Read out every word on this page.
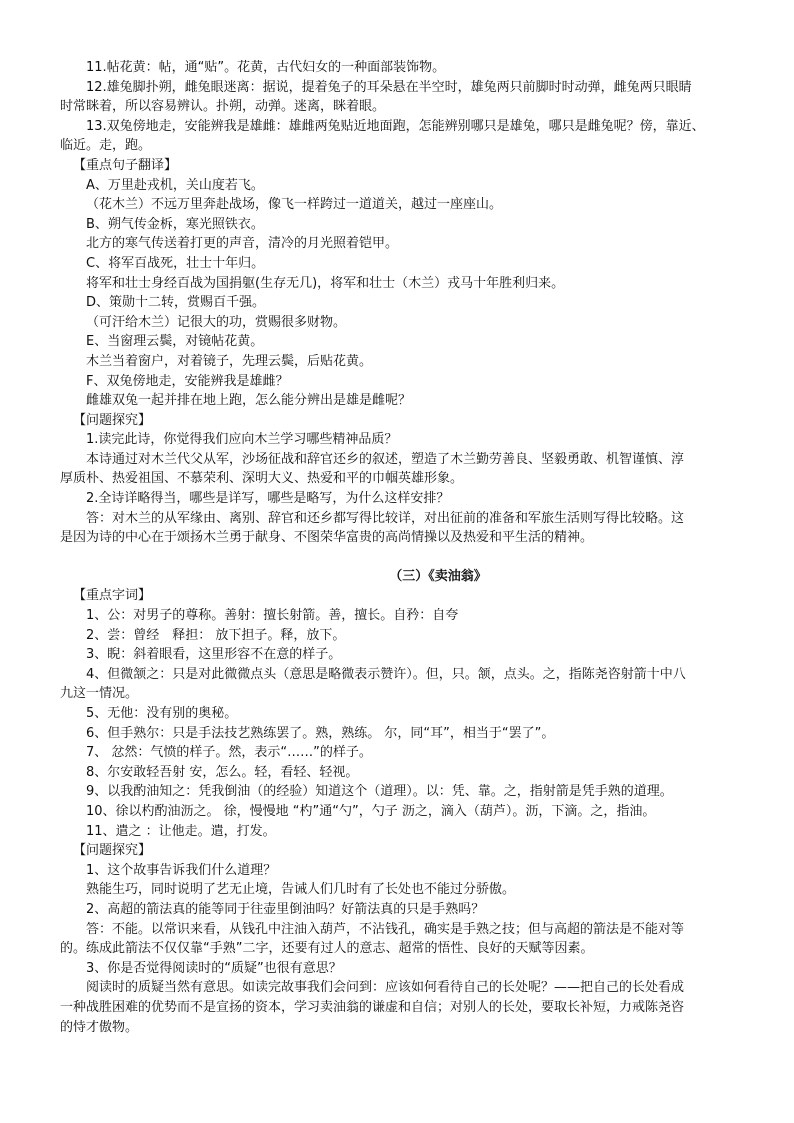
11.帖花黄：帖，通“贴”。花黄，古代妇女的一种面部装饰物。

12.雄兔脚扑朔，雌兔眼迷离：据说，提着兔子的耳朵悬在半空时，雄兔两只前脚时时动弹，雌兔两只眼睛

时常眯着，所以容易辨认。扑朔，动弹。迷离，眯着眼。

13.双兔傍地走，安能辨我是雄雌：雄雌两兔贴近地面跑，怎能辨别哪只是雄兔，哪只是雌兔呢？傍，靠近、

临近。走，跑。

【重点句子翻译】

A、万里赴戎机，关山度若飞。

（花木兰）不远万里奔赴战场，像飞一样跨过一道道关，越过一座座山。

B、朔气传金柝，寒光照铁衣。

北方的寒气传送着打更的声音，清冷的月光照着铠甲。

C、将军百战死，壮士十年归。

将军和壮士身经百战为国捐躯(生存无几)，将军和壮士（木兰）戎马十年胜利归来。

D、策勋十二转，赏赐百千强。

（可汗给木兰）记很大的功，赏赐很多财物。

E、当窗理云鬓，对镜帖花黄。

木兰当着窗户，对着镜子，先理云鬓，后贴花黄。

F、双兔傍地走，安能辨我是雄雌？

雌雄双兔一起并排在地上跑，怎么能分辨出是雄是雌呢？

【问题探究】

1.读完此诗，你觉得我们应向木兰学习哪些精神品质？

本诗通过对木兰代父从军，沙场征战和辞官还乡的叙述，塑造了木兰勤劳善良、坚毅勇敢、机智谨慎、淳

厚质朴、热爱祖国、不慕荣利、深明大义、热爱和平的巾帼英雄形象。

2.全诗详略得当，哪些是详写，哪些是略写，为什么这样安排？

答：对木兰的从军缘由、离别、辞官和还乡都写得比较详，对出征前的准备和军旅生活则写得比较略。这

是因为诗的中心在于颂扬木兰勇于献身、不图荣华富贵的高尚情操以及热爱和平生活的精神。

（三）《卖油翁》

【重点字词】

1、公：对男子的尊称。善射：擅长射箭。善，擅长。自矜：自夸

2、尝：曾经　释担： 放下担子。释，放下。

3、睨：斜着眼看，这里形容不在意的样子。

4、但微颔之：只是对此微微点头（意思是略微表示赞许）。但，只。颔，点头。之，指陈尧咨射箭十中八

九这一情况。

5、无他：没有别的奥秘。

6、但手熟尔：只是手法技艺熟练罢了。熟，熟练。 尔，同“耳”，相当于“罢了”。

7、 忿然：气愤的样子。然，表示“……”的样子。

8、尔安敢轻吾射 安，怎么。轻，看轻、轻视。

9、以我酌油知之：凭我倒油（的经验）知道这个（道理）。以：凭、靠。之，指射箭是凭手熟的道理。

10、徐以杓酌油沥之。 徐，慢慢地 “杓”通“勺”，勺子 沥之，滴入（葫芦）。沥，下滴。之，指油。

11、遣之 ：让他走。遣，打发。

【问题探究】

1、这个故事告诉我们什么道理？

熟能生巧，同时说明了艺无止境，告诫人们几时有了长处也不能过分骄傲。

2、高超的箭法真的能等同于往壶里倒油吗？好箭法真的只是手熟吗？

答：不能。以常识来看，从钱孔中注油入葫芦，不沾钱孔，确实是手熟之技；但与高超的箭法是不能对等

的。练成此箭法不仅仅靠“手熟”二字，还要有过人的意志、超常的悟性、良好的天赋等因素。

3、你是否觉得阅读时的“质疑”也很有意思？

阅读时的质疑当然有意思。如读完故事我们会问到：应该如何看待自己的长处呢？——把自己的长处看成

一种战胜困难的优势而不是宣扬的资本，学习卖油翁的谦虚和自信；对别人的长处，要取长补短，力戒陈尧咨

的恃才傲物。
